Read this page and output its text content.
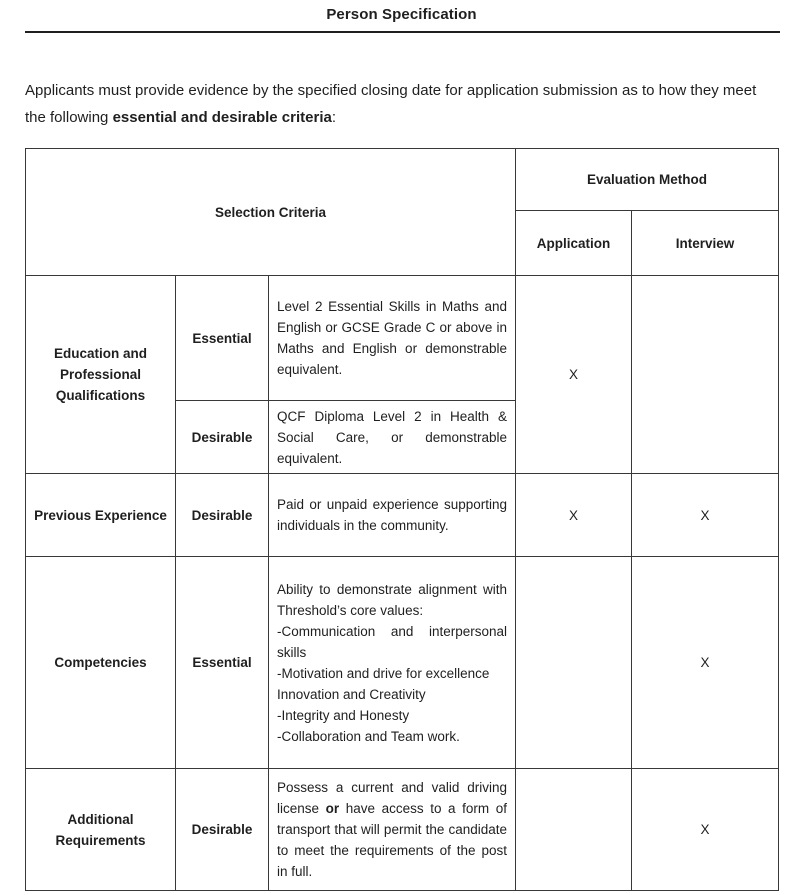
Person Specification

Applicants must provide evidence by the specified closing date for application submission as to how they meet the following essential and desirable criteria:

Selection Criteria			Evaluation Method	
			Application	Interview
Education and Professional Qualifications	Essential	Level 2 Essential Skills in Maths and English or GCSE Grade C or above in Maths and English or demonstrable equivalent.	X	
	Desirable	QCF Diploma Level 2 in Health & Social Care, or demonstrable equivalent.		
Previous Experience	Desirable	Paid or unpaid experience supporting individuals in the community.	X	X
Competencies	Essential	Ability to demonstrate alignment with Threshold’s core values:
-Communication and interpersonal skills
-Motivation and drive for excellence
Innovation and Creativity
-Integrity and Honesty
-Collaboration and Team work.		X
Additional Requirements	Desirable	Possess a current and valid driving license or have access to a form of transport that will permit the candidate to meet the requirements of the post in full.		X
